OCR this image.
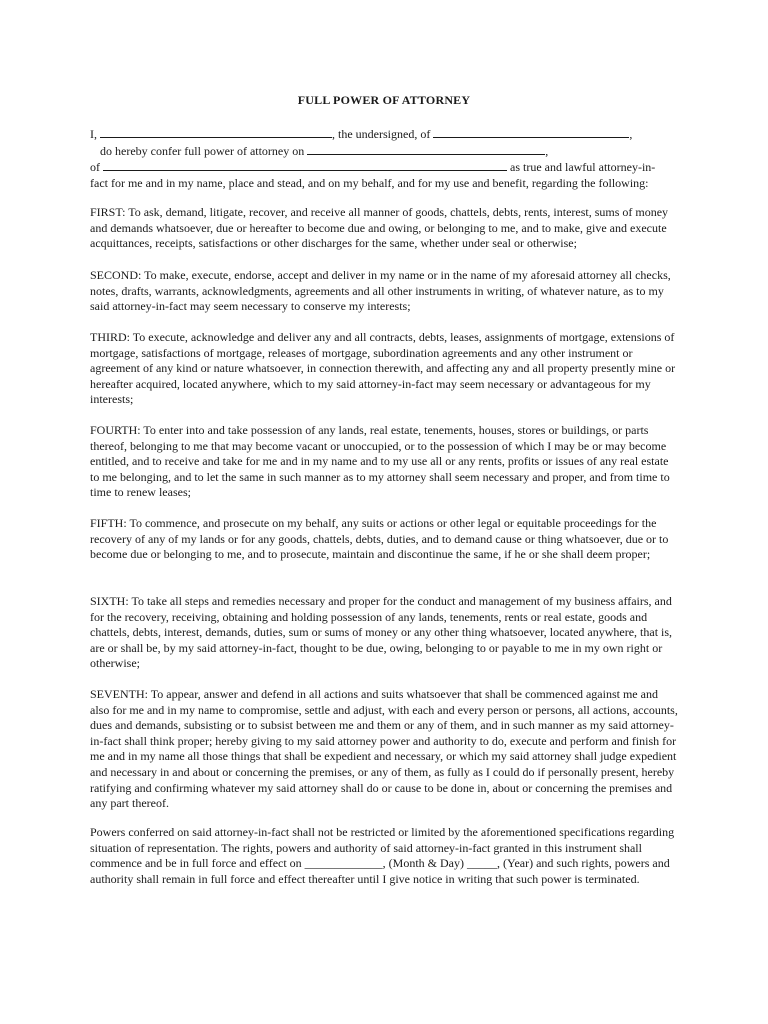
FULL POWER OF ATTORNEY
I,	, the undersigned, of	,
do hereby confer full power of attorney on	,
of	as true and lawful attorney-in-
fact for me and in my name, place and stead, and on my behalf, and for my use and benefit, regarding the following:

FIRST: To ask, demand, litigate, recover, and receive all manner of goods, chattels, debts, rents, interest, sums of money and demands whatsoever, due or hereafter to become due and owing, or belonging to me, and to make, give and execute acquittances, receipts, satisfactions or other discharges for the same, whether under seal or otherwise;

SECOND: To make, execute, endorse, accept and deliver in my name or in the name of my aforesaid attorney all checks, notes, drafts, warrants, acknowledgments, agreements and all other instruments in writing, of whatever nature, as to my said attorney-in-fact may seem necessary to conserve my interests;

THIRD: To execute, acknowledge and deliver any and all contracts, debts, leases, assignments of mortgage, extensions of mortgage, satisfactions of mortgage, releases of mortgage, subordination agreements and any other instrument or agreement of any kind or nature whatsoever, in connection therewith, and affecting any and all property presently mine or hereafter acquired, located anywhere, which to my said attorney-in-fact may seem necessary or advantageous for my interests;

FOURTH: To enter into and take possession of any lands, real estate, tenements, houses, stores or buildings, or parts thereof, belonging to me that may become vacant or unoccupied, or to the possession of which I may be or may become entitled, and to receive and take for me and in my name and to my use all or any rents, profits or issues of any real estate to me belonging, and to let the same in such manner as to my attorney shall seem necessary and proper, and from time to time to renew leases;

FIFTH: To commence, and prosecute on my behalf, any suits or actions or other legal or equitable proceedings for the recovery of any of my lands or for any goods, chattels, debts, duties, and to demand cause or thing whatsoever, due or to become due or belonging to me, and to prosecute, maintain and discontinue the same, if he or she shall deem proper;

SIXTH: To take all steps and remedies necessary and proper for the conduct and management of my business affairs, and for the recovery, receiving, obtaining and holding possession of any lands, tenements, rents or real estate, goods and chattels, debts, interest, demands, duties, sum or sums of money or any other thing whatsoever, located anywhere, that is, are or shall be, by my said attorney-in-fact, thought to be due, owing, belonging to or payable to me in my own right or otherwise;

SEVENTH: To appear, answer and defend in all actions and suits whatsoever that shall be commenced against me and also for me and in my name to compromise, settle and adjust, with each and every person or persons, all actions, accounts, dues and demands, subsisting or to subsist between me and them or any of them, and in such manner as my said attorney-in-fact shall think proper; hereby giving to my said attorney power and authority to do, execute and perform and finish for me and in my name all those things that shall be expedient and necessary, or which my said attorney shall judge expedient and necessary in and about or concerning the premises, or any of them, as fully as I could do if personally present, hereby ratifying and confirming whatever my said attorney shall do or cause to be done in, about or concerning the premises and any part thereof.

Powers conferred on said attorney-in-fact shall not be restricted or limited by the aforementioned specifications regarding situation of representation. The rights, powers and authority of said attorney-in-fact granted in this instrument shall commence and be in full force and effect on _____________, (Month & Day) _____, (Year) and such rights, powers and authority shall remain in full force and effect thereafter until I give notice in writing that such power is terminated.
